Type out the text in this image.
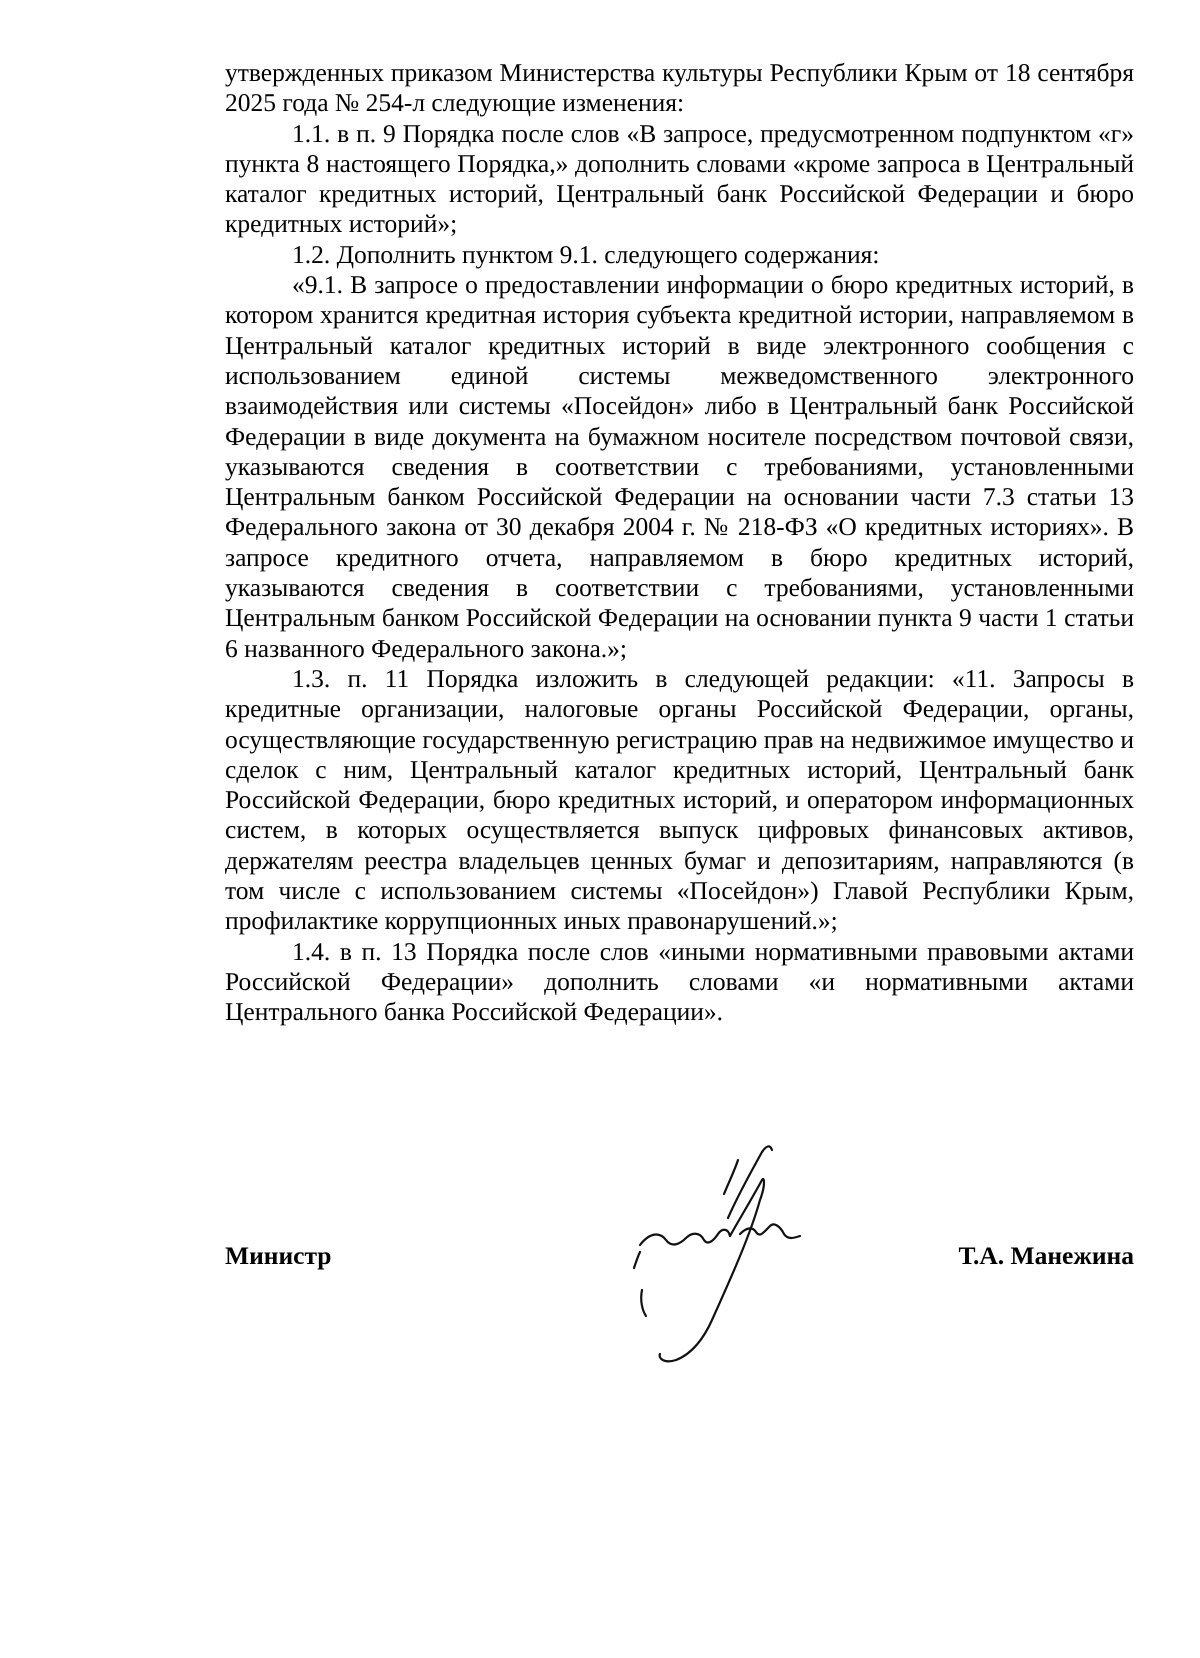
утвержденных приказом Министерства культуры Республики Крым от 18 сентября 2025 года № 254-л следующие изменения:

1.1. в п. 9 Порядка после слов «В запросе, предусмотренном подпунктом «г» пункта 8 настоящего Порядка,» дополнить словами «кроме запроса в Центральный каталог кредитных историй, Центральный банк Российской Федерации и бюро кредитных историй»;

1.2. Дополнить пунктом 9.1. следующего содержания:

«9.1. В запросе о предоставлении информации о бюро кредитных историй, в котором хранится кредитная история субъекта кредитной истории, направляемом в Центральный каталог кредитных историй в виде электронного сообщения с использованием единой системы межведомственного электронного взаимодействия или системы «Посейдон» либо в Центральный банк Российской Федерации в виде документа на бумажном носителе посредством почтовой связи, указываются сведения в соответствии с требованиями, установленными Центральным банком Российской Федерации на основании части 7.3 статьи 13 Федерального закона от 30 декабря 2004 г. № 218-ФЗ «О кредитных историях». В запросе кредитного отчета, направляемом в бюро кредитных историй, указываются сведения в соответствии с требованиями, установленными Центральным банком Российской Федерации на основании пункта 9 части 1 статьи 6 названного Федерального закона.»;

1.3. п. 11 Порядка изложить в следующей редакции: «11. Запросы в кредитные организации, налоговые органы Российской Федерации, органы, осуществляющие государственную регистрацию прав на недвижимое имущество и сделок с ним, Центральный каталог кредитных историй, Центральный банк Российской Федерации, бюро кредитных историй, и оператором информационных систем, в которых осуществляется выпуск цифровых финансовых активов, держателям реестра владельцев ценных бумаг и депозитариям, направляются (в том числе с использованием системы «Посейдон») Главой Республики Крым, профилактике коррупционных иных правонарушений.»;

1.4. в п. 13 Порядка после слов «иными нормативными правовыми актами Российской Федерации» дополнить словами «и нормативными актами Центрального банка Российской Федерации».

Министр	Т.А. Манежина
